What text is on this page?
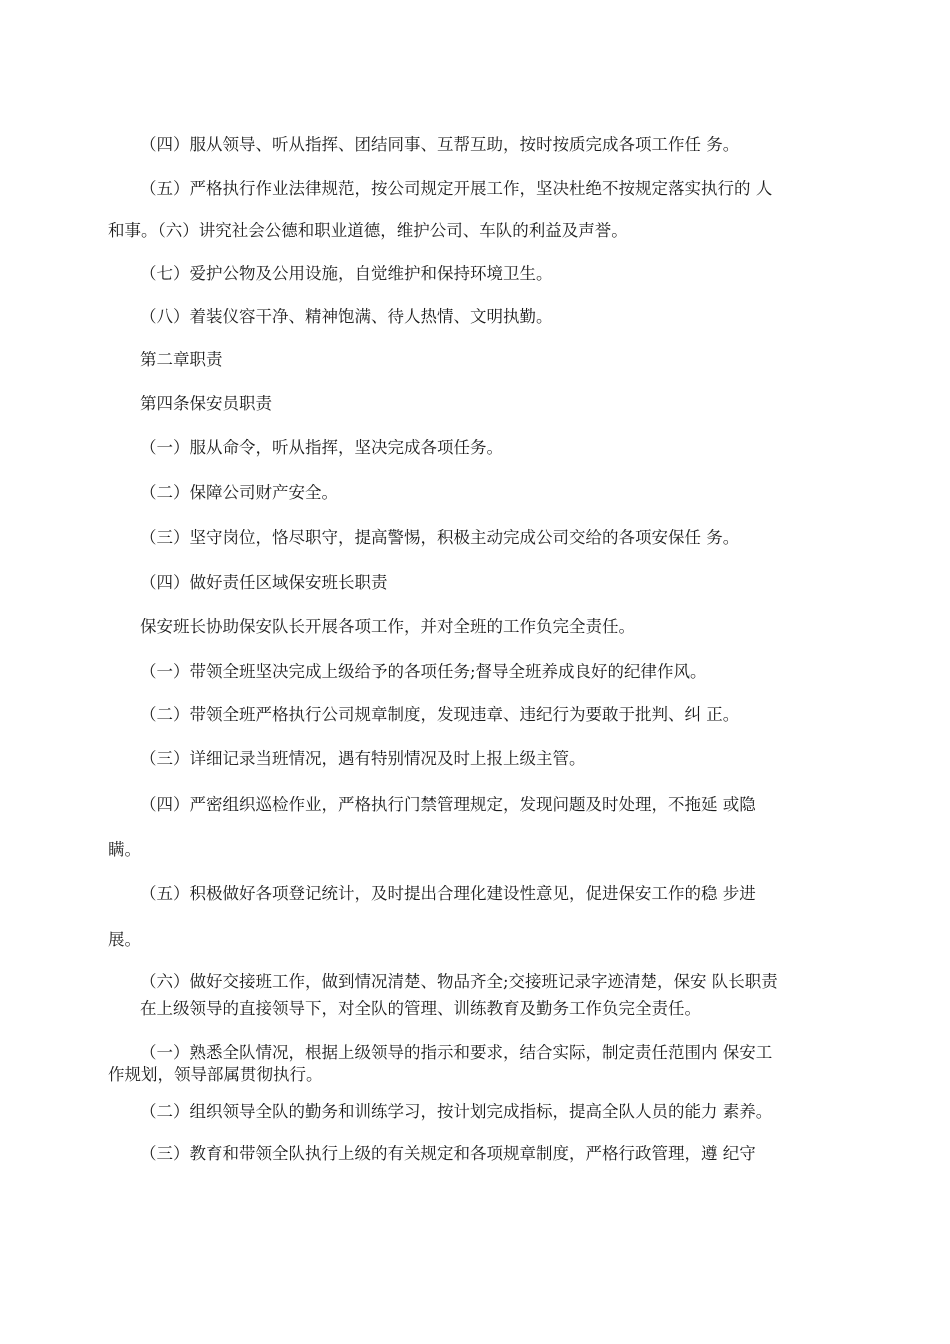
（四）服从领导、听从指挥、团结同事、互帮互助，按时按质完成各项工作任 务。
（五）严格执行作业法律规范，按公司规定开展工作，坚决杜绝不按规定落实执行的 人
和事。（六）讲究社会公德和职业道德，维护公司、车队的利益及声誉。
（七）爱护公物及公用设施，自觉维护和保持环境卫生。
（八）着装仪容干净、精神饱满、待人热情、文明执勤。
第二章职责
第四条保安员职责
（一）服从命令，听从指挥，坚决完成各项任务。
（二）保障公司财产安全。
（三）坚守岗位，恪尽职守，提高警惕，积极主动完成公司交给的各项安保任 务。
（四）做好责任区域保安班长职责
保安班长协助保安队长开展各项工作，并对全班的工作负完全责任。
（一）带领全班坚决完成上级给予的各项任务;督导全班养成良好的纪律作风。
（二）带领全班严格执行公司规章制度，发现违章、违纪行为要敢于批判、纠 正。
（三）详细记录当班情况，遇有特别情况及时上报上级主管。
（四）严密组织巡检作业，严格执行门禁管理规定，发现问题及时处理，不拖延 或隐
瞒。
（五）积极做好各项登记统计，及时提出合理化建设性意见，促进保安工作的稳 步进
展。
（六）做好交接班工作，做到情况清楚、物品齐全;交接班记录字迹清楚，保安 队长职责
在上级领导的直接领导下，对全队的管理、训练教育及勤务工作负完全责任。
（一）熟悉全队情况，根据上级领导的指示和要求，结合实际，制定责任范围内 保安工
作规划，领导部属贯彻执行。
（二）组织领导全队的勤务和训练学习，按计划完成指标，提高全队人员的能力 素养。
（三）教育和带领全队执行上级的有关规定和各项规章制度，严格行政管理，遵 纪守
